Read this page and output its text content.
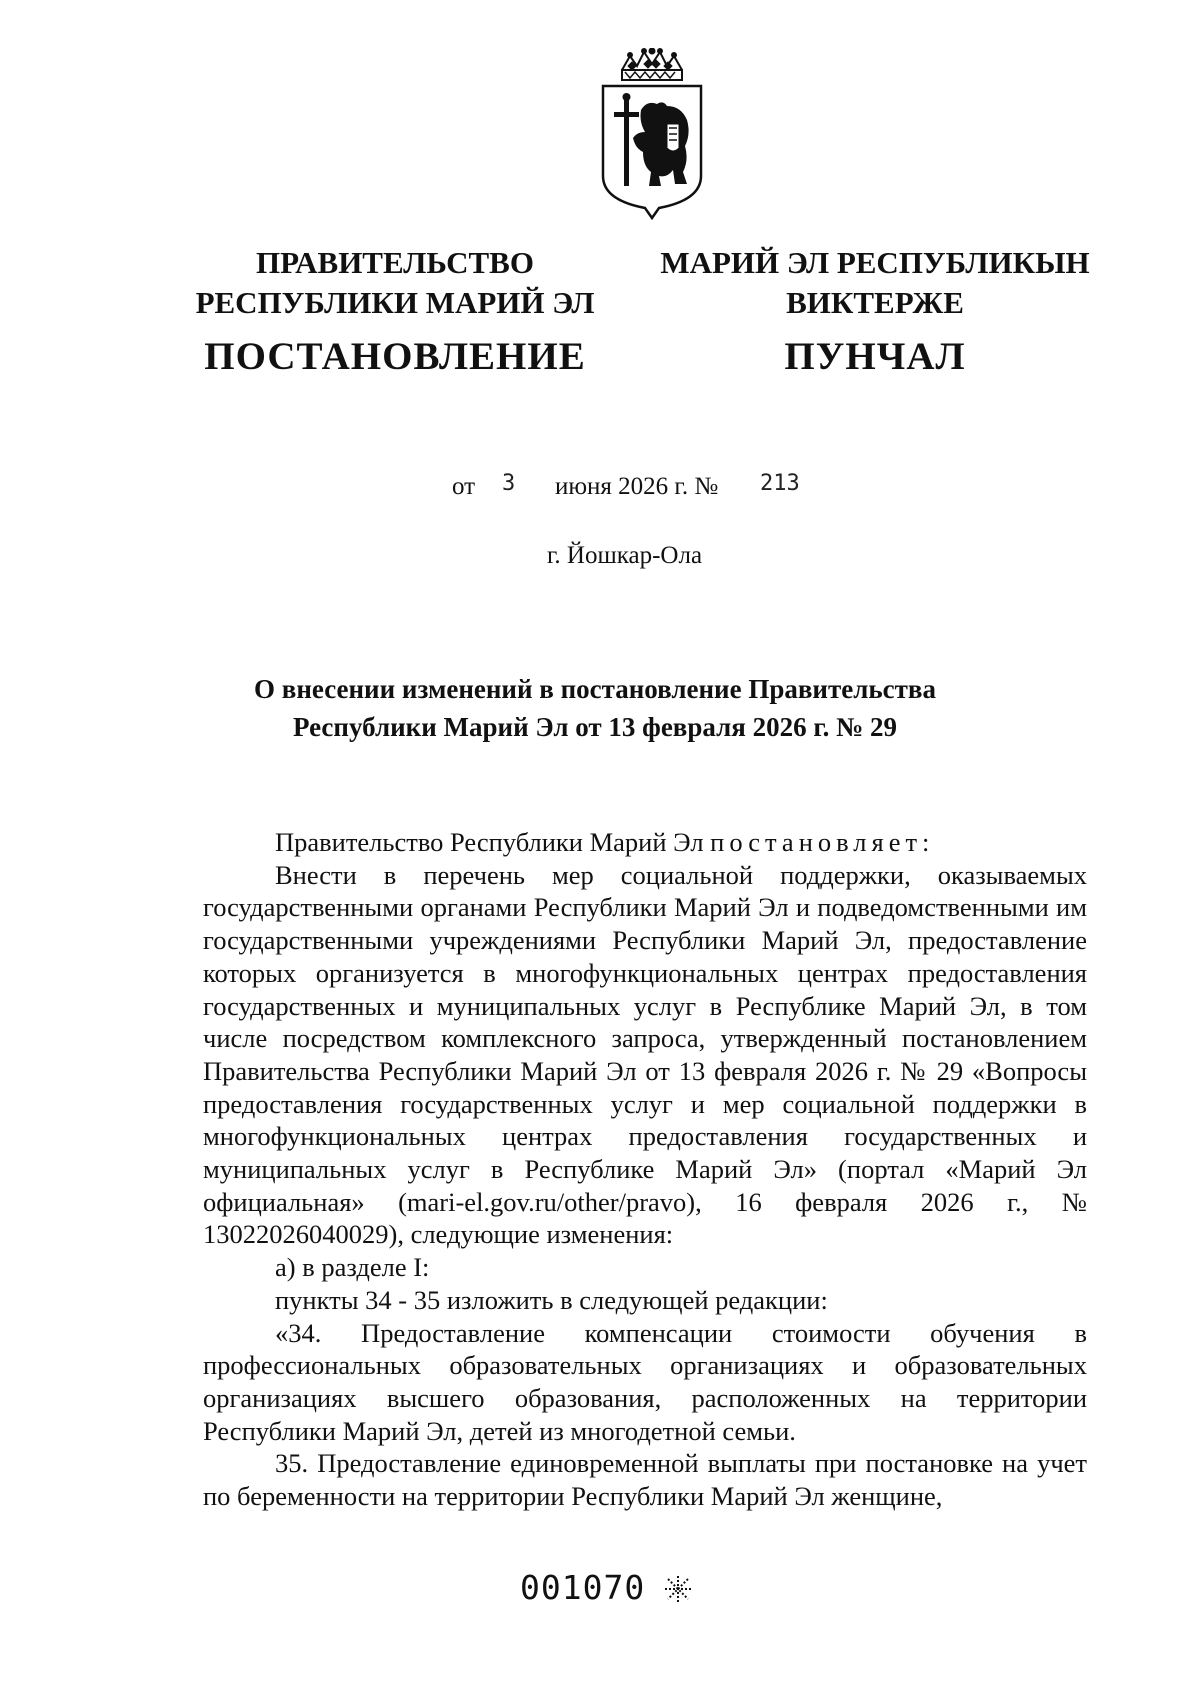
ПРАВИТЕЛЬСТВО
РЕСПУБЛИКИ МАРИЙ ЭЛ
ПОСТАНОВЛЕНИЕ
МАРИЙ ЭЛ РЕСПУБЛИКЫН
ВИКТЕРЖЕ
ПУНЧАЛ
от 3 июня 2026 г. № 213
г. Йошкар-Ола
О внесении изменений в постановление Правительства
Республики Марий Эл от 13 февраля 2026 г. № 29

Правительство Республики Марий Эл постановляет:

Внести в перечень мер социальной поддержки, оказываемых государственными органами Республики Марий Эл и подведомственными им государственными учреждениями Республики Марий Эл, предоставление которых организуется в многофункциональных центрах предоставления государственных и муниципальных услуг в Республике Марий Эл, в том числе посредством комплексного запроса, утвержденный постановлением Правительства Республики Марий Эл от 13 февраля 2026 г. № 29 «Вопросы предоставления государственных услуг и мер социальной поддержки в многофункциональных центрах предоставления государственных и муниципальных услуг в Республике Марий Эл» (портал «Марий Эл официальная» (mari-el.gov.ru/other/pravo), 16 февраля 2026 г., № 13022026040029), следующие изменения:

а) в разделе I:

пункты 34 - 35 изложить в следующей редакции:

«34. Предоставление компенсации стоимости обучения в профессиональных образовательных организациях и образовательных организациях высшего образования, расположенных на территории Республики Марий Эл, детей из многодетной семьи.

35. Предоставление единовременной выплаты при постановке на учет по беременности на территории Республики Марий Эл женщине,

001070
